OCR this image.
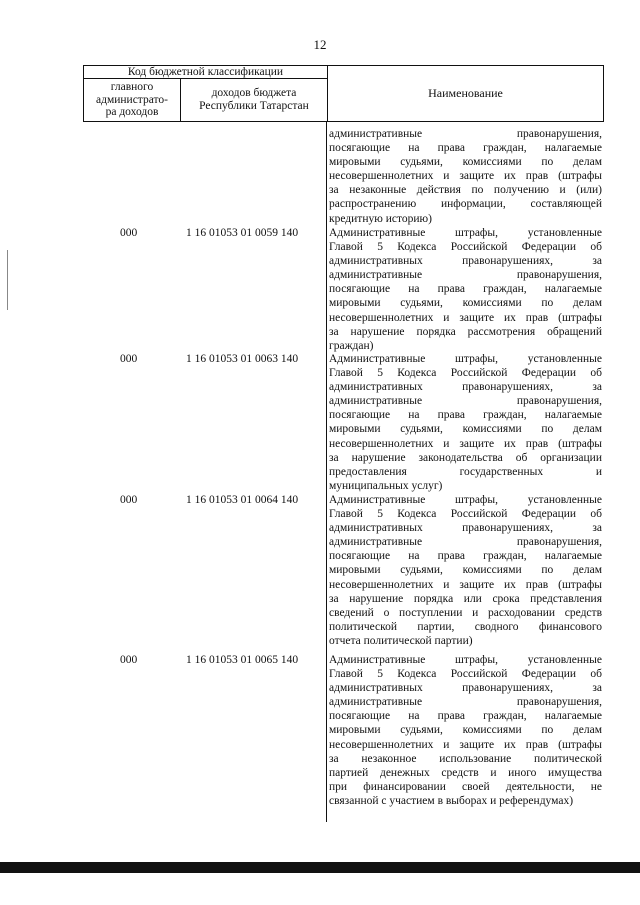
12
Код бюджетной классификации
главного
администрато-
ра доходов
доходов бюджета
Республики Татарстан
Наименование
административные правонарушения,
посягающие на права граждан, налагаемые
мировыми судьями, комиссиями по делам
несовершеннолетних и защите их прав (штрафы
за незаконные действия по получению и (или)
распространению информации, составляющей
кредитную историю)
000	1 16 01053 01 0059 140	Административные штрафы, установленные
Главой 5 Кодекса Российской Федерации об
административных правонарушениях, за
административные правонарушения,
посягающие на права граждан, налагаемые
мировыми судьями, комиссиями по делам
несовершеннолетних и защите их прав (штрафы
за нарушение порядка рассмотрения обращений
граждан)
000	1 16 01053 01 0063 140	Административные штрафы, установленные
Главой 5 Кодекса Российской Федерации об
административных правонарушениях, за
административные правонарушения,
посягающие на права граждан, налагаемые
мировыми судьями, комиссиями по делам
несовершеннолетних и защите их прав (штрафы
за нарушение законодательства об организации
предоставления государственных и
муниципальных услуг)
000	1 16 01053 01 0064 140	Административные штрафы, установленные
Главой 5 Кодекса Российской Федерации об
административных правонарушениях, за
административные правонарушения,
посягающие на права граждан, налагаемые
мировыми судьями, комиссиями по делам
несовершеннолетних и защите их прав (штрафы
за нарушение порядка или срока представления
сведений о поступлении и расходовании средств
политической партии, сводного финансового
отчета политической партии)
000	1 16 01053 01 0065 140	Административные штрафы, установленные
Главой 5 Кодекса Российской Федерации об
административных правонарушениях, за
административные правонарушения,
посягающие на права граждан, налагаемые
мировыми судьями, комиссиями по делам
несовершеннолетних и защите их прав (штрафы
за незаконное использование политической
партией денежных средств и иного имущества
при финансировании своей деятельности, не
связанной с участием в выборах и референдумах)
